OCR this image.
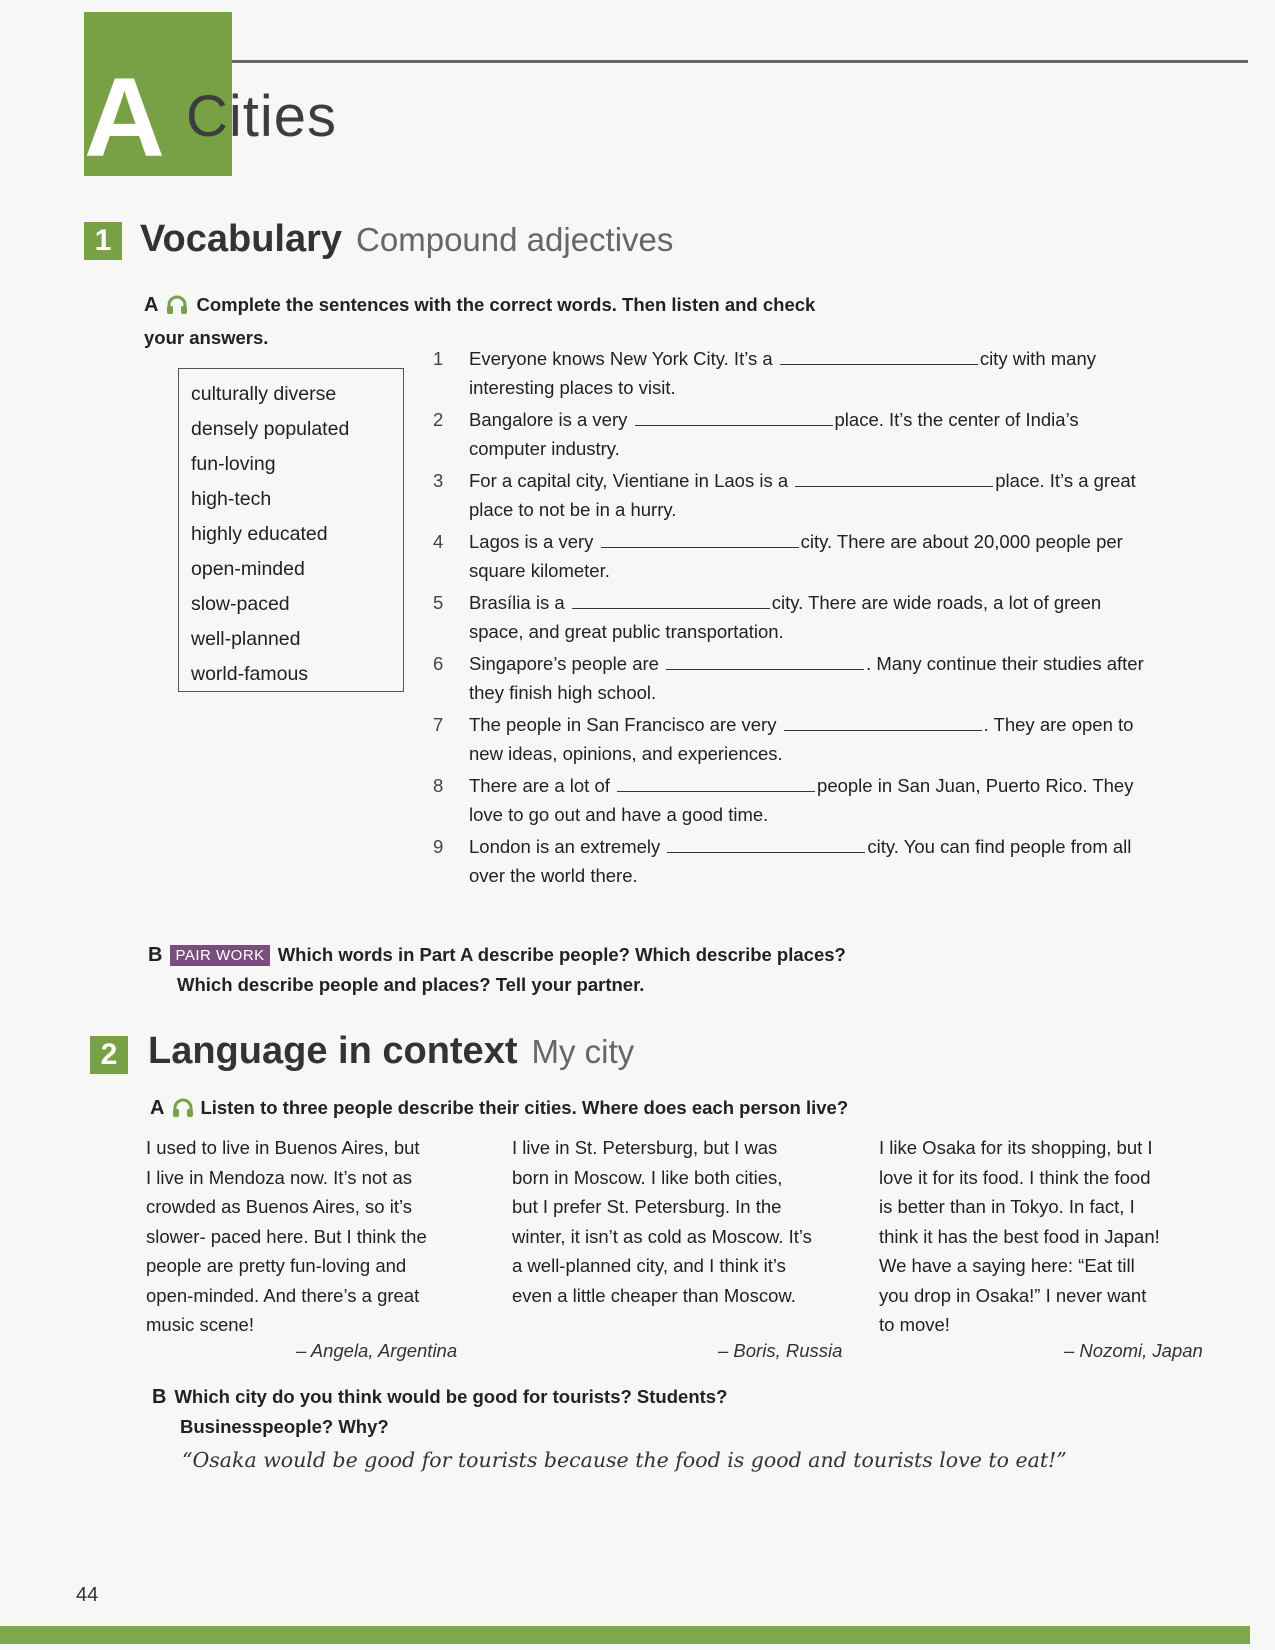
A Cities
1 Vocabulary Compound adjectives
A Complete the sentences with the correct words. Then listen and check your answers.
culturally diverse
densely populated
fun-loving
high-tech
highly educated
open-minded
slow-paced
well-planned
world-famous
1	Everyone knows New York City. It’s a	city with many interesting places to visit.
2	Bangalore is a very	place. It’s the center of India’s computer industry.
3	For a capital city, Vientiane in Laos is a	place. It’s a great place to not be in a hurry.
4	Lagos is a very	city. There are about 20,000 people per square kilometer.
5	Brasília is a	city. There are wide roads, a lot of green space, and great public transportation.
6	Singapore’s people are	. Many continue their studies after they finish high school.
7	The people in San Francisco are very	. They are open to new ideas, opinions, and experiences.
8	There are a lot of	people in San Juan, Puerto Rico. They love to go out and have a good time.
9	London is an extremely	city. You can find people from all over the world there.
B PAIR WORK Which words in Part A describe people? Which describe places?
Which describe people and places? Tell your partner.
2 Language in context My city
A Listen to three people describe their cities. Where does each person live?
I used to live in Buenos Aires, but
I live in Mendoza now. It’s not as
crowded as Buenos Aires, so it’s
slower- paced here. But I think the
people are pretty fun-loving and
open-minded. And there’s a great
music scene!
– Angela, Argentina
I live in St. Petersburg, but I was
born in Moscow. I like both cities,
but I prefer St. Petersburg. In the
winter, it isn’t as cold as Moscow. It’s
a well-planned city, and I think it’s
even a little cheaper than Moscow.
– Boris, Russia
I like Osaka for its shopping, but I
love it for its food. I think the food
is better than in Tokyo. In fact, I
think it has the best food in Japan!
We have a saying here: “Eat till
you drop in Osaka!” I never want
to move!
– Nozomi, Japan
B Which city do you think would be good for tourists? Students?
Businesspeople? Why?
“Osaka would be good for tourists because the food is good and tourists love to eat!”
44
